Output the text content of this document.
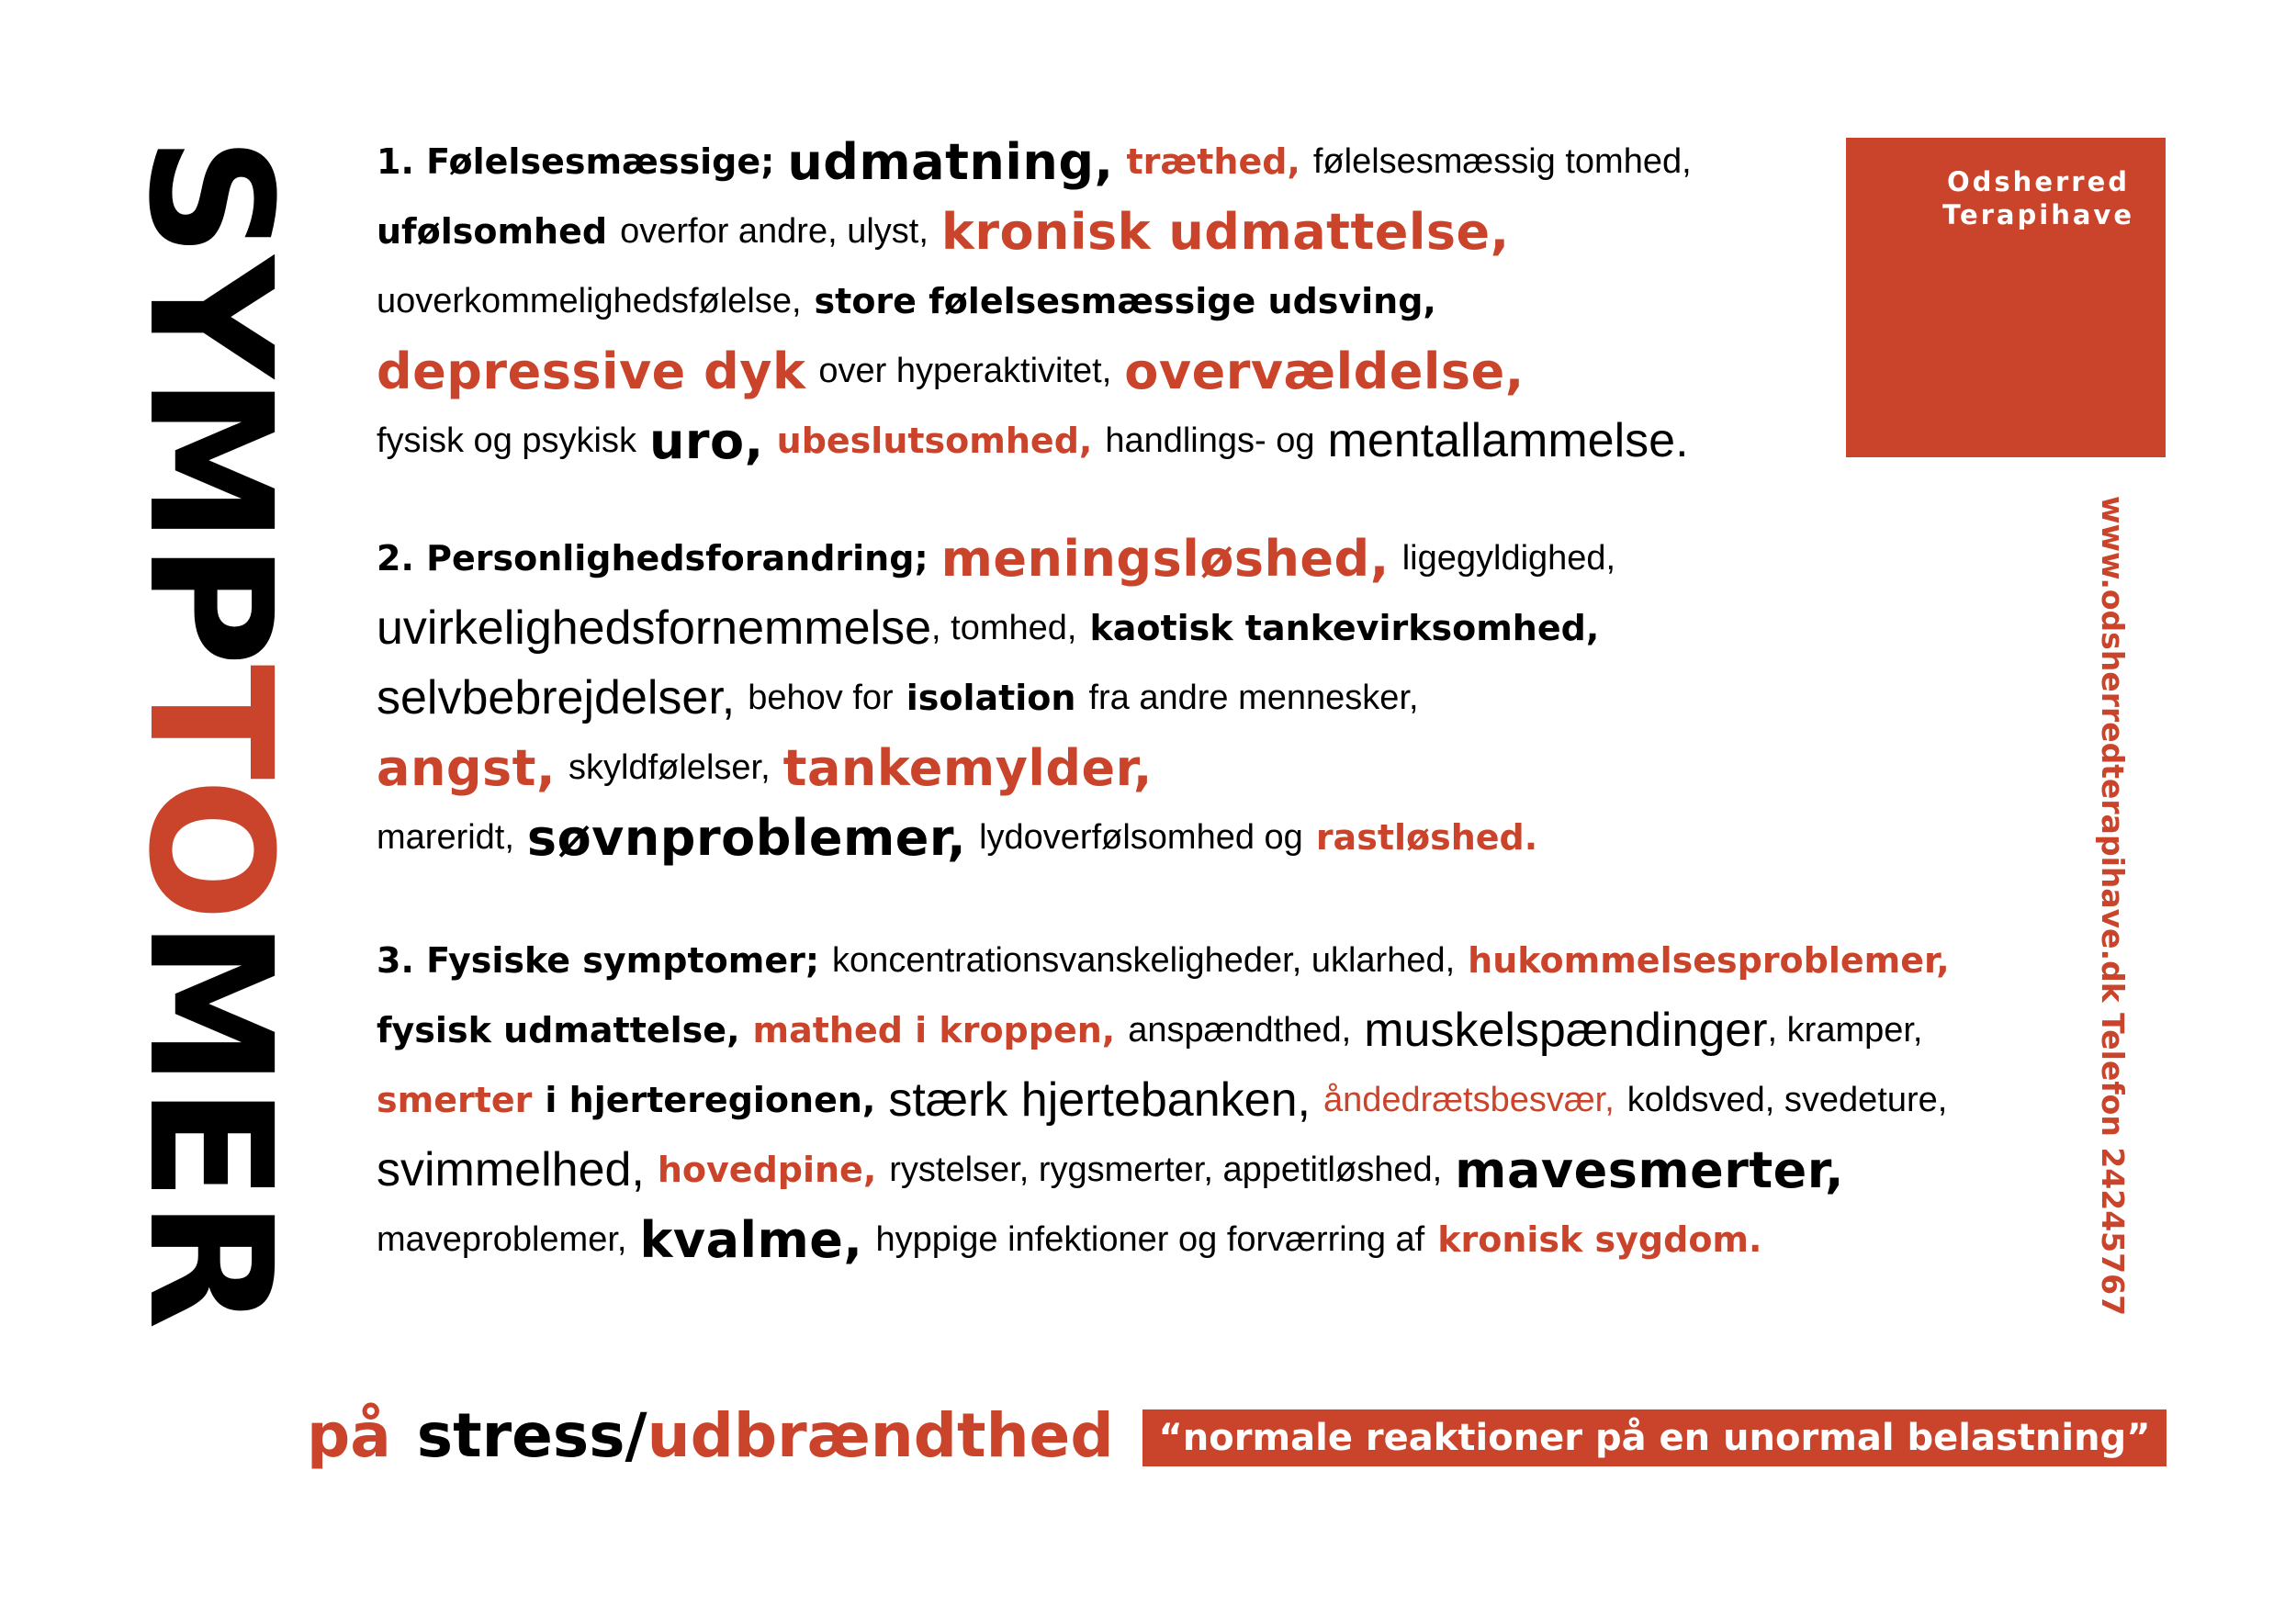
SYMPTOMER
1. Følelsesmæssige; udmatning, træthed, følelsesmæssig tomhed,
ufølsomhed overfor andre, ulyst, kronisk udmattelse,
uoverkommelighedsfølelse, store følelsesmæssige udsving,
depressive dyk over hyperaktivitet, overvældelse,
fysisk og psykisk uro, ubeslutsomhed, handlings- og mentallammelse.
2. Personlighedsforandring; meningsløshed, ligegyldighed,
uvirkelighedsfornemmelse , tomhed, kaotisk tankevirksomhed,
selvbebrejdelser, behov for isolation fra andre mennesker,
angst, skyldfølelser, tankemylder,
mareridt, søvnproblemer, lydoverfølsomhed og rastløshed.
3. Fysiske symptomer; koncentrationsvanskeligheder, uklarhed, hukommelsesproblemer,
fysisk udmattelse, mathed i kroppen, anspændthed, muskelspændinger , kramper,
smerter i hjerteregionen, stærk hjertebanken, åndedrætsbesvær, koldsved, svedeture,
svimmelhed, hovedpine, rystelser, rygsmerter, appetitløshed, mavesmerter,
maveproblemer, kvalme, hyppige infektioner og forværring af kronisk sygdom.
Odsherred
Terapihave
www.odsherredterapihave.dk Telefon 24245767
på stress/ udbrændthed	“normale reaktioner på en unormal belastning”
